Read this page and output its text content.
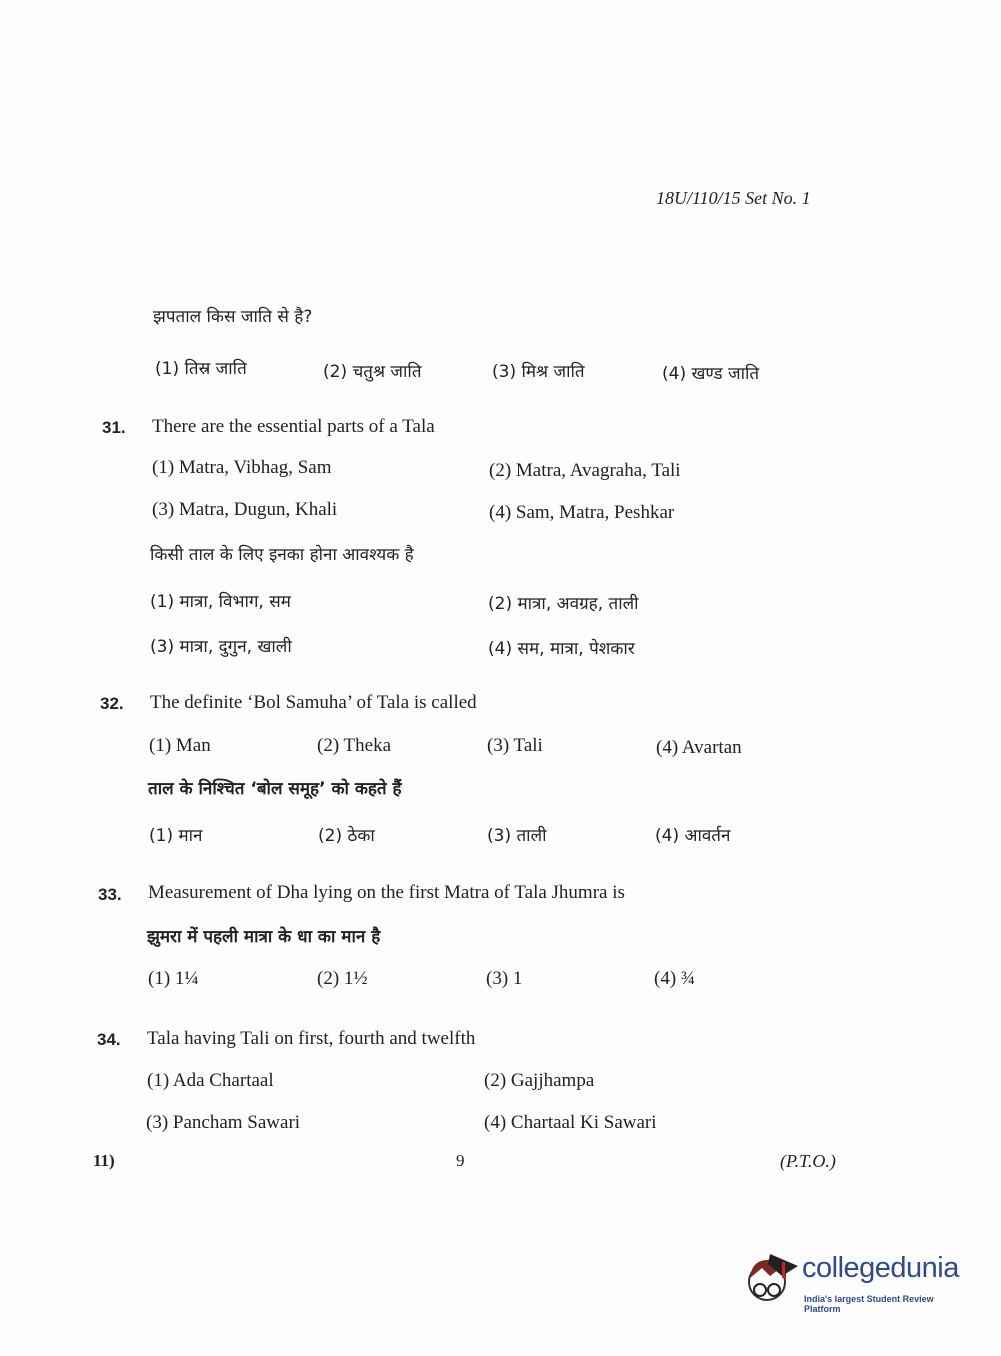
18U/110/15 Set No. 1
झपताल किस जाति से है?
(1) तिस्र जाति	(2) चतुश्र जाति	(3) मिश्र जाति	(4) खण्ड जाति
31. There are the essential parts of a Tala
(1) Matra, Vibhag, Sam	(2) Matra, Avagraha, Tali
(3) Matra, Dugun, Khali	(4) Sam, Matra, Peshkar
किसी ताल के लिए इनका होना आवश्यक है
(1) मात्रा, विभाग, सम	(2) मात्रा, अवग्रह, ताली
(3) मात्रा, दुगुन, खाली	(4) सम, मात्रा, पेशकार
32. The definite ‘Bol Samuha’ of Tala is called
(1) Man	(2) Theka	(3) Tali	(4) Avartan
ताल के निश्चित ‘बोल समूह’ को कहते हैं
(1) मान	(2) ठेका	(3) ताली	(4) आवर्तन
33. Measurement of Dha lying on the first Matra of Tala Jhumra is
झुमरा में पहली मात्रा के धा का मान है
(1) 1¼	(2) 1½	(3) 1	(4) ¾
34. Tala having Tali on first, fourth and twelfth
(1) Ada Chartaal	(2) Gajjhampa
(3) Pancham Sawari	(4) Chartaal Ki Sawari
11)	9	(P.T.O.)
collegedunia
India's largest Student Review Platform
